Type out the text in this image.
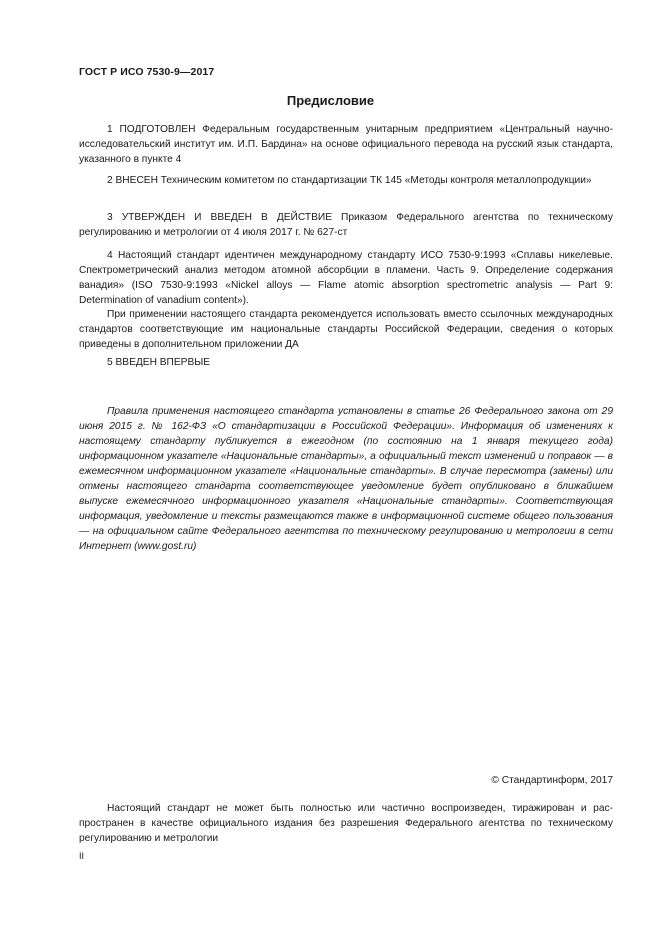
ГОСТ Р ИСО 7530-9—2017
Предисловие
1 ПОДГОТОВЛЕН Федеральным государственным унитарным предприятием «Центральный научно-исследовательский институт им. И.П. Бардина» на основе официального перевода на русский язык стандарта, указанного в пункте 4
2 ВНЕСЕН Техническим комитетом по стандартизации ТК 145 «Методы контроля металлопродукции»
3 УТВЕРЖДЕН И ВВЕДЕН В ДЕЙСТВИЕ Приказом Федерального агентства по техническому регулированию и метрологии от 4 июля 2017 г. № 627-ст
4 Настоящий стандарт идентичен международному стандарту ИСО 7530-9:1993 «Сплавы никелевые. Спектрометрический анализ методом атомной абсорбции в пламени. Часть 9. Определение содержания ванадия» (ISO 7530-9:1993 «Nickel alloys — Flame atomic absorption spectrometric analysis — Part 9: Determination of vanadium content»).
При применении настоящего стандарта рекомендуется использовать вместо ссылочных международных стандартов соответствующие им национальные стандарты Российской Федерации, сведения о которых приведены в дополнительном приложении ДА
5 ВВЕДЕН ВПЕРВЫЕ
Правила применения настоящего стандарта установлены в статье 26 Федерального закона от 29 июня 2015 г. № 162-ФЗ «О стандартизации в Российской Федерации». Информация об изменениях к настоящему стандарту публикуется в ежегодном (по состоянию на 1 января текущего года) информационном указателе «Национальные стандарты», а официальный текст изменений и поправок — в ежемесячном информационном указателе «Национальные стандарты». В случае пересмотра (замены) или отмены настоящего стандарта соответствующее уведомление будет опубликовано в ближайшем выпуске ежемесячного информационного указателя «Национальные стандарты». Соответствующая информация, уведомление и тексты размещаются также в информационной системе общего пользования — на официальном сайте Федерального агентства по техническому регулированию и метрологии в сети Интернет (www.gost.ru)
© Стандартинформ, 2017
Настоящий стандарт не может быть полностью или частично воспроизведен, тиражирован и распространен в качестве официального издания без разрешения Федерального агентства по техническому регулированию и метрологии
II
